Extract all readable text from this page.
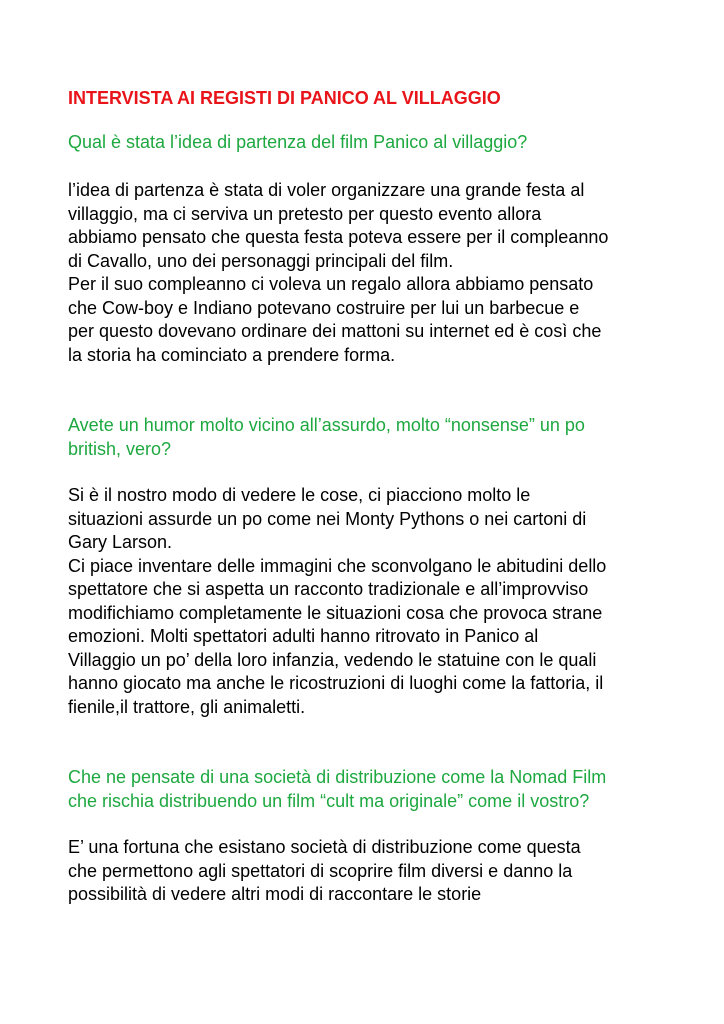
INTERVISTA AI REGISTI DI PANICO AL VILLAGGIO
Qual è stata l’idea di partenza del film Panico al villaggio?
l’idea di partenza è stata di voler organizzare una grande festa al
villaggio, ma ci serviva un pretesto per questo evento allora
abbiamo pensato che questa festa poteva essere per il compleanno
di Cavallo, uno dei personaggi principali del film.
Per il suo compleanno ci voleva un regalo allora abbiamo pensato
che Cow-boy e Indiano potevano costruire per lui un barbecue e
per questo dovevano ordinare dei mattoni su internet ed è così che
la storia ha cominciato a prendere forma.
Avete un humor molto vicino all’assurdo, molto “nonsense” un po
british, vero?
Si è il nostro modo di vedere le cose, ci piacciono molto le
situazioni assurde un po come nei Monty Pythons o nei cartoni di
Gary Larson.
Ci piace inventare delle immagini che sconvolgano le abitudini dello
spettatore che si aspetta un racconto tradizionale e all’improvviso
modifichiamo completamente le situazioni cosa che provoca strane
emozioni. Molti spettatori adulti hanno ritrovato in Panico al
Villaggio un po’ della loro infanzia, vedendo le statuine con le quali
hanno giocato ma anche le ricostruzioni di luoghi come la fattoria, il
fienile,il trattore, gli animaletti.
Che ne pensate di una società di distribuzione come la Nomad Film
che rischia distribuendo un film “cult ma originale” come il vostro?
E’ una fortuna che esistano società di distribuzione come questa
che permettono agli spettatori di scoprire film diversi e danno la
possibilità di vedere altri modi di raccontare le storie
